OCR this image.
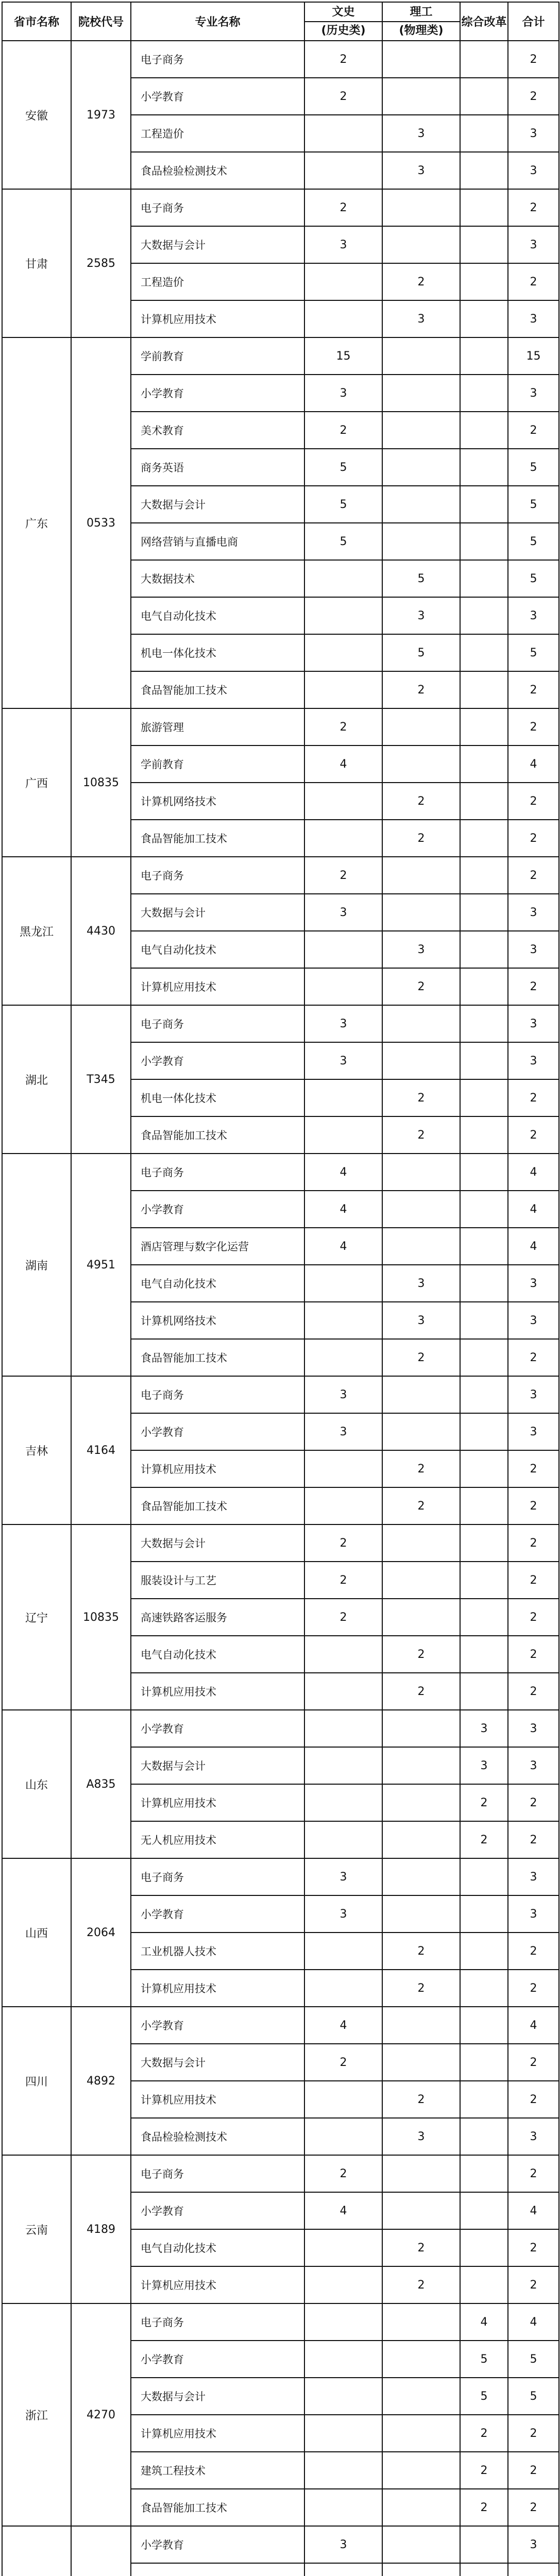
省市名称	院校代号	专业名称	文史
(历史类)	理工
(物理类)	综合改革	合计
安徽	1973	电子商务	2			2
		小学教育	2			2
		工程造价		3		3
		食品检验检测技术		3		3
甘肃	2585	电子商务	2			2
		大数据与会计	3			3
		工程造价		2		2
		计算机应用技术		3		3
广东	0533	学前教育	15			15
		小学教育	3			3
		美术教育	2			2
		商务英语	5			5
		大数据与会计	5			5
		网络营销与直播电商	5			5
		大数据技术		5		5
		电气自动化技术		3		3
		机电一体化技术		5		5
		食品智能加工技术		2		2
广西	10835	旅游管理	2			2
		学前教育	4			4
		计算机网络技术		2		2
		食品智能加工技术		2		2
黑龙江	4430	电子商务	2			2
		大数据与会计	3			3
		电气自动化技术		3		3
		计算机应用技术		2		2
湖北	T345	电子商务	3			3
		小学教育	3			3
		机电一体化技术		2		2
		食品智能加工技术		2		2
湖南	4951	电子商务	4			4
		小学教育	4			4
		酒店管理与数字化运营	4			4
		电气自动化技术		3		3
		计算机网络技术		3		3
		食品智能加工技术		2		2
吉林	4164	电子商务	3			3
		小学教育	3			3
		计算机应用技术		2		2
		食品智能加工技术		2		2
辽宁	10835	大数据与会计	2			2
		服装设计与工艺	2			2
		高速铁路客运服务	2			2
		电气自动化技术		2		2
		计算机应用技术		2		2
山东	A835	小学教育			3	3
		大数据与会计			3	3
		计算机应用技术			2	2
		无人机应用技术			2	2
山西	2064	电子商务	3			3
		小学教育	3			3
		工业机器人技术		2		2
		计算机应用技术		2		2
四川	4892	小学教育	4			4
		大数据与会计	2			2
		计算机应用技术		2		2
		食品检验检测技术		3		3
云南	4189	电子商务	2			2
		小学教育	4			4
		电气自动化技术		2		2
		计算机应用技术		2		2
浙江	4270	电子商务			4	4
		小学教育			5	5
		大数据与会计			5	5
		计算机应用技术			2	2
		建筑工程技术			2	2
		食品智能加工技术			2	2
		小学教育	3			3
